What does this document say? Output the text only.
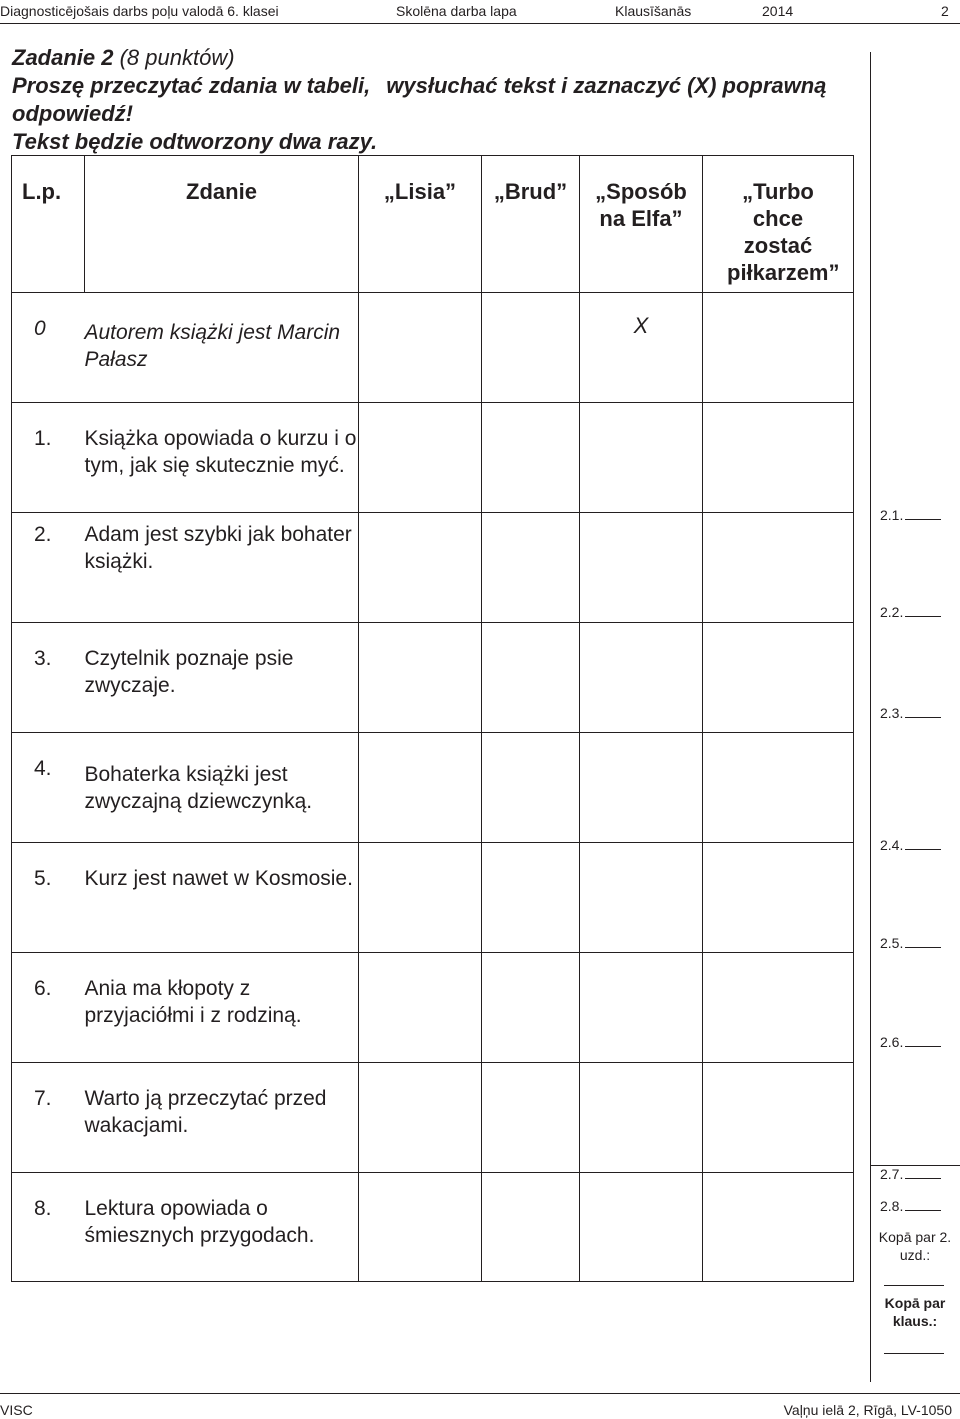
Diagnosticējošais darbs poļu valodā 6. klasei	Skolēna darba lapa	Klausīšanās	2014	2
Zadanie 2 (8 punktów)
Proszę przeczytać zdania w tabeli, wysłuchać tekst i zaznaczyć (X) poprawną
odpowiedź!
Tekst będzie odtworzony dwa razy.
L.p.	Zdanie	„Lisia”	„Brud”	„Sposób na Elfa”	„Turbo chce zostać piłkarzem”

0	Autorem książki jest Marcin Pałasz			X	

1.	Książka opowiada o kurzu i o tym, jak się skutecznie myć.				

2.	Adam jest szybki jak bohater książki.				

3.	Czytelnik poznaje psie zwyczaje.				

4.	Bohaterka książki jest zwyczajną dziewczynką.				

5.	Kurz jest nawet w Kosmosie.				

6.	Ania ma kłopoty z przyjaciółmi i z rodziną.				

7.	Warto ją przeczytać przed wakacjami.				

8.	Lektura opowiada o śmiesznych przygodach.				

2.1.
2.2.
2.3.
2.4.
2.5.
2.6.
2.7.
2.8.
Kopā par 2. uzd.:
Kopā par klaus.:
VISC	Vaļņu ielā 2, Rīgā, LV-1050
